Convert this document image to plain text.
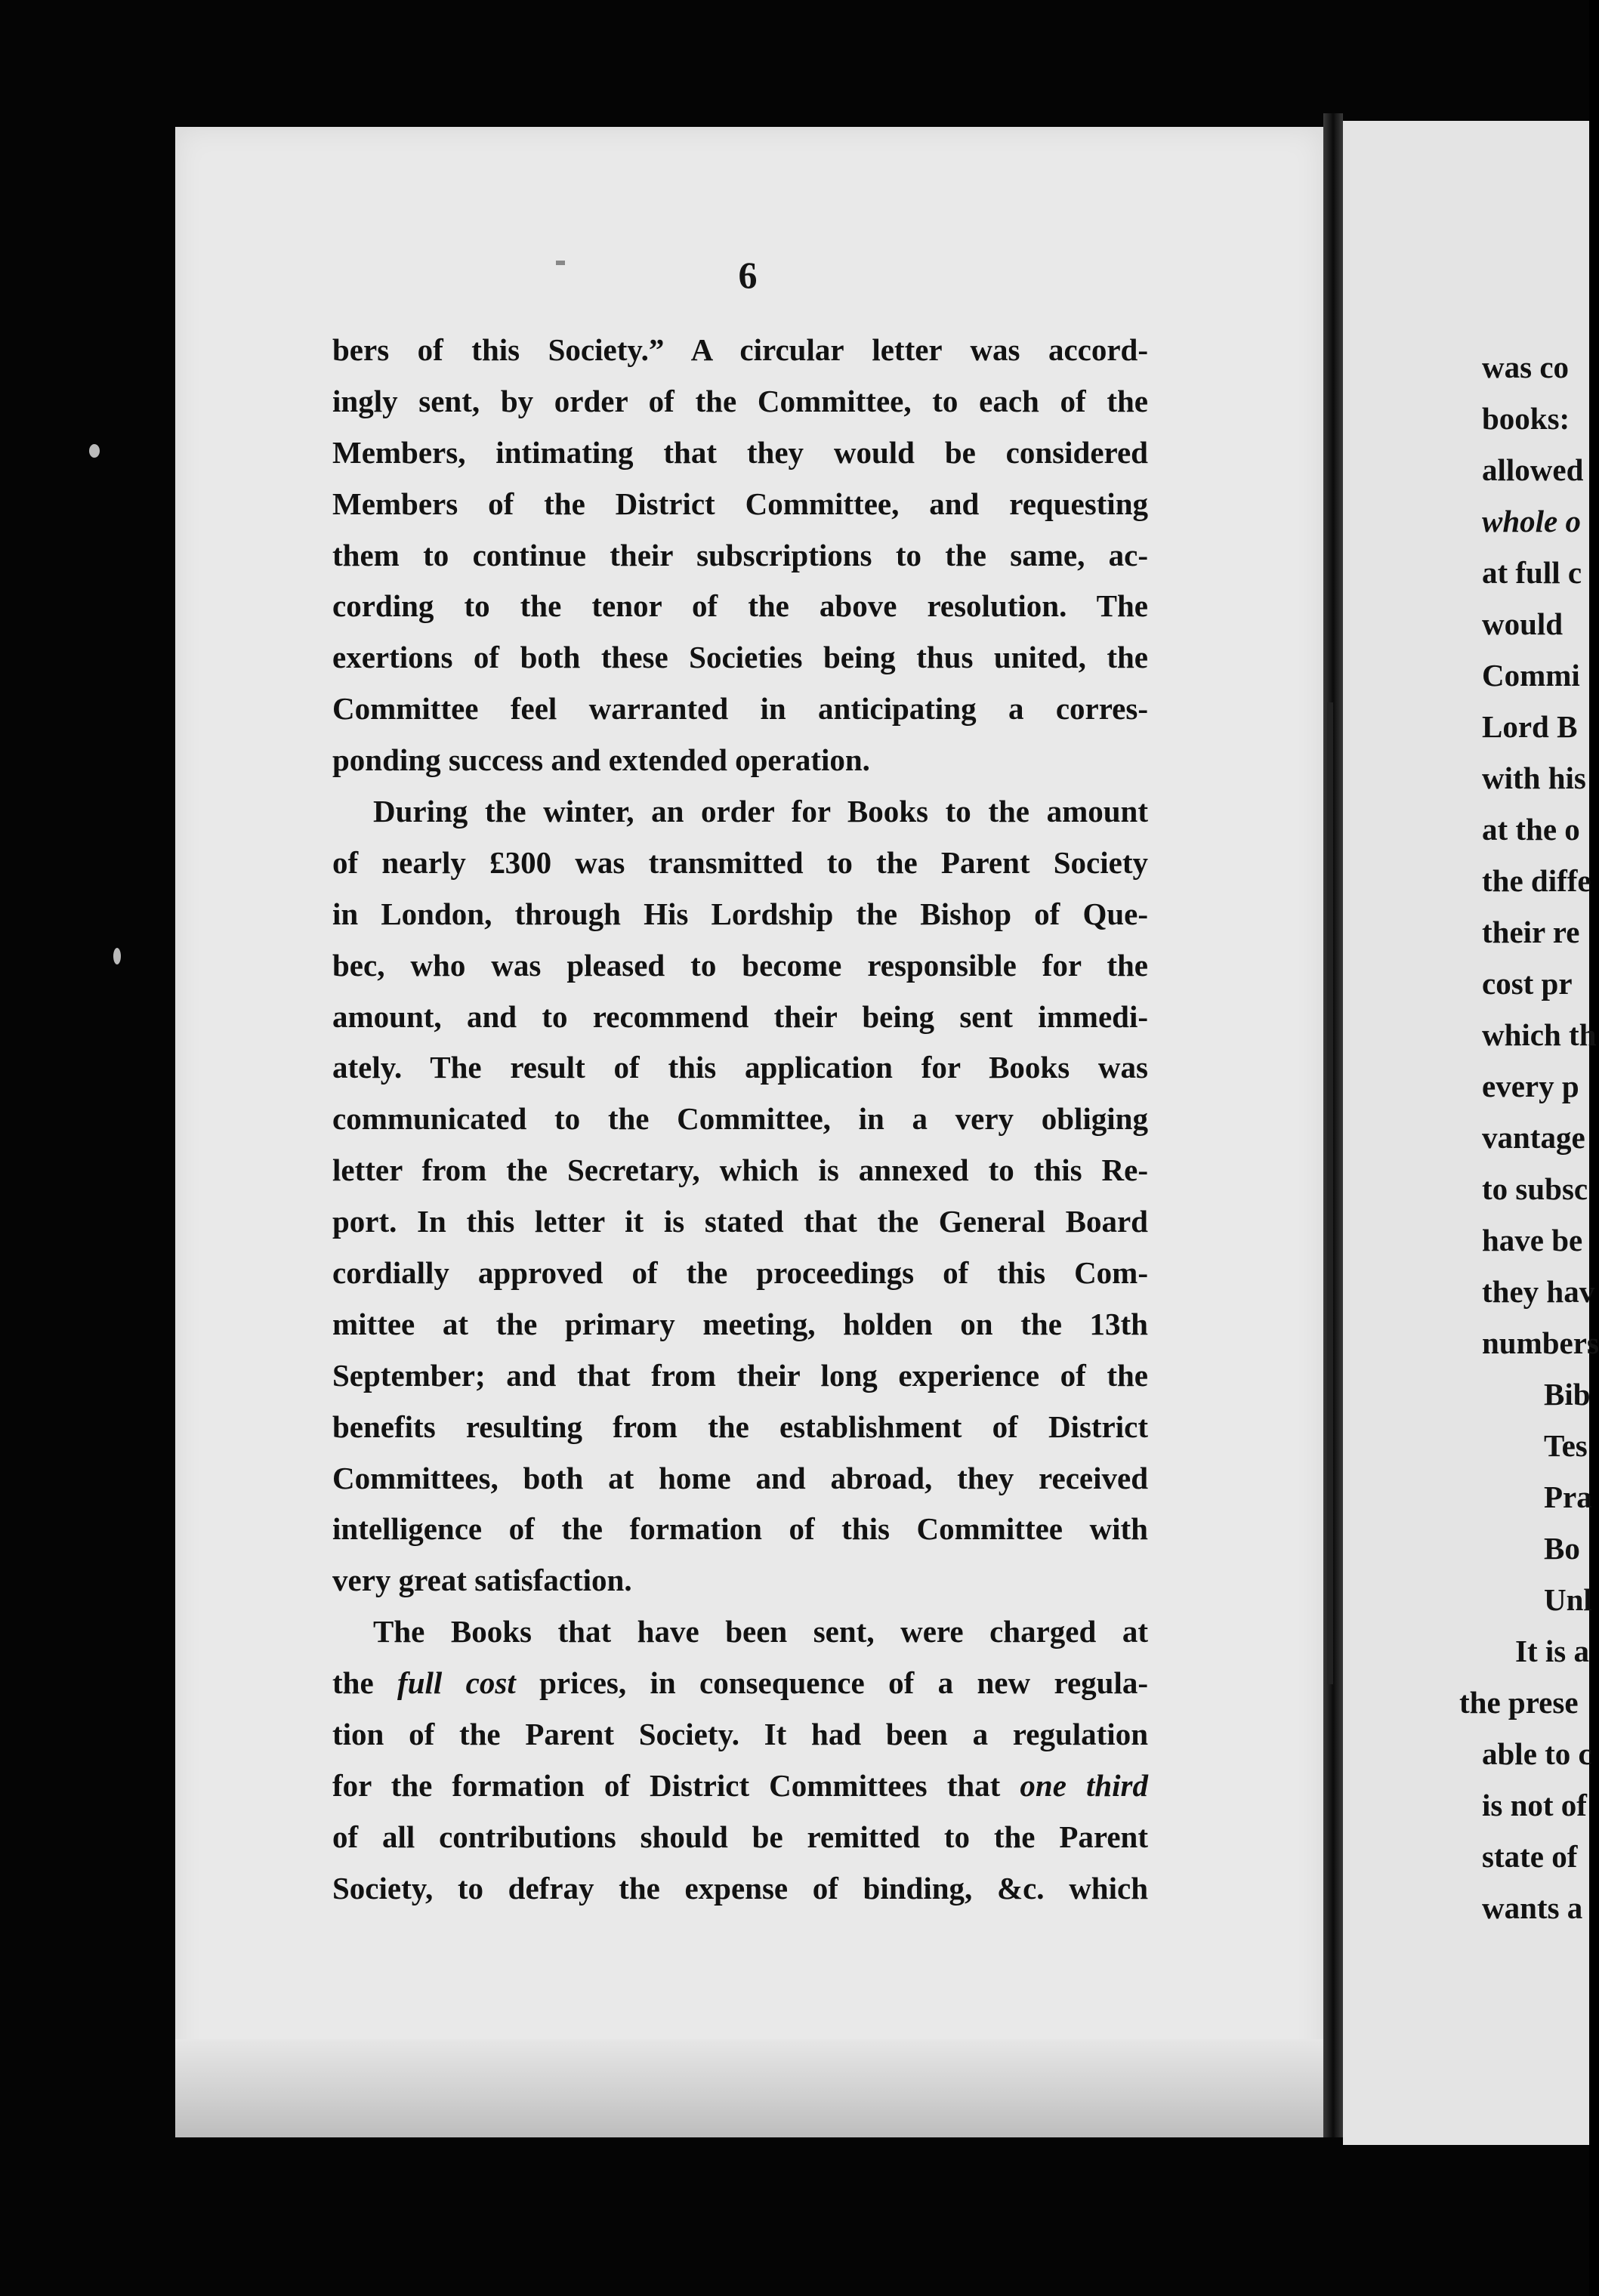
6
bers of this Society.” A circular letter was accord-
ingly sent, by order of the Committee, to each of the
Members, intimating that they would be considered
Members of the District Committee, and requesting
them to continue their subscriptions to the same, ac-
cording to the tenor of the above resolution. The
exertions of both these Societies being thus united, the
Committee feel warranted in anticipating a corres-
ponding success and extended operation.
During the winter, an order for Books to the amount
of nearly £300 was transmitted to the Parent Society
in London, through His Lordship the Bishop of Que-
bec, who was pleased to become responsible for the
amount, and to recommend their being sent immedi-
ately. The result of this application for Books was
communicated to the Committee, in a very obliging
letter from the Secretary, which is annexed to this Re-
port. In this letter it is stated that the General Board
cordially approved of the proceedings of this Com-
mittee at the primary meeting, holden on the 13th
September; and that from their long experience of the
benefits resulting from the establishment of District
Committees, both at home and abroad, they received
intelligence of the formation of this Committee with
very great satisfaction.
The Books that have been sent, were charged at
the full cost prices, in consequence of a new regula-
tion of the Parent Society. It had been a regulation
for the formation of District Committees that one third
of all contributions should be remitted to the Parent
Society, to defray the expense of binding, &c. which
was co
books:
allowed
whole o
at full c
would
Commi
Lord B
with his
at the o
the diffe
their re
cost pr
which th
every p
vantage
to subsc
have be
they hav
numbers
Bib
Tes
Pra
Bo
Unl
It is a
the prese
able to c
is not of
state of
wants a
